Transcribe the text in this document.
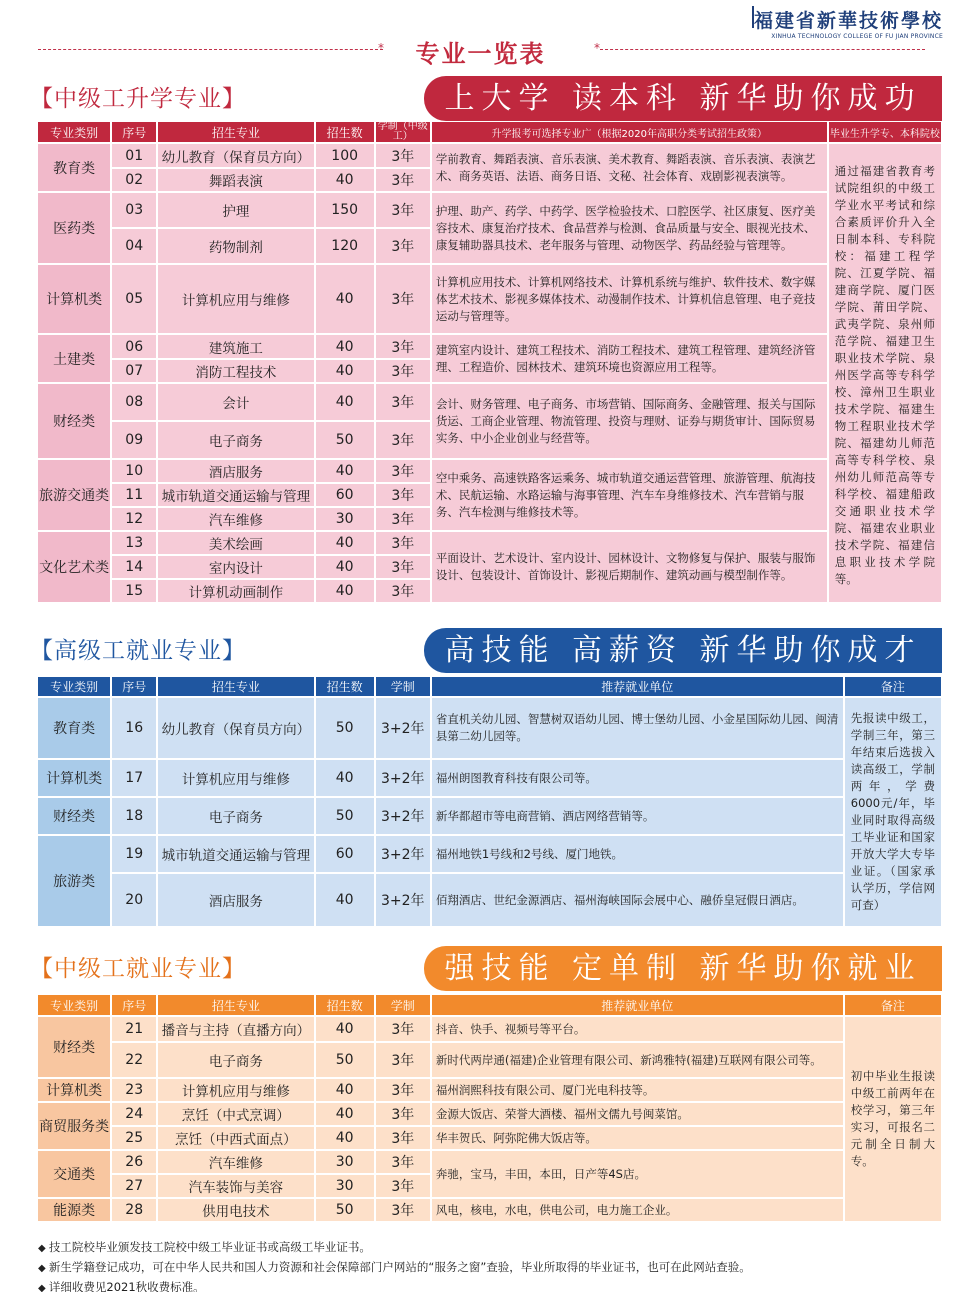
福建省新華技術學校
XINHUA TECHNOLOGY COLLEGE OF FU JIAN PROVINCE
*	*
专业一览表
【中级工升学专业】	上大学 读本科 新华助你成功
专业类别	序号	招生专业	招生数	学制（中级工）	升学报考可选择专业广（根据2020年高职分类考试招生政策）	毕业生升学专、本科院校
教育类	01	幼儿教育（保育员方向）	100	3年	学前教育、舞蹈表演、音乐表演、美术教育、舞蹈表演、音乐表演、表演艺术、商务英语、法语、商务日语、文秘、社会体育、戏剧影视表演等。	通过福建省教育考试院组织的中级工学业水平考试和综合素质评价升入全日制本科、专科院校：福建工程学院、江夏学院、福建商学院、厦门医学院、莆田学院、武夷学院、泉州师范学院、福建卫生职业技术学院、泉州医学高等专科学校、漳州卫生职业技术学院、福建生物工程职业技术学院、福建幼儿师范高等专科学校、泉州幼儿师范高等专科学校、福建船政交通职业技术学院、福建农业职业技术学院、福建信息职业技术学院等。
	02	舞蹈表演	40	3年		
医药类	03	护理	150	3年	护理、助产、药学、中药学、医学检验技术、口腔医学、社区康复、医疗美容技术、康复治疗技术、食品营养与检测、食品质量与安全、眼视光技术、康复辅助器具技术、老年服务与管理、动物医学、药品经验与管理等。	
	04	药物制剂	120	3年		
计算机类	05	计算机应用与维修	40	3年	计算机应用技术、计算机网络技术、计算机系统与维护、软件技术、数字媒体艺术技术、影视多媒体技术、动漫制作技术、计算机信息管理、电子竞技运动与管理等。	
土建类	06	建筑施工	40	3年	建筑室内设计、建筑工程技术、消防工程技术、建筑工程管理、建筑经济管理、工程造价、园林技术、建筑环境也资源应用工程等。	
	07	消防工程技术	40	3年		
财经类	08	会计	40	3年	会计、财务管理、电子商务、市场营销、国际商务、金融管理、报关与国际货运、工商企业管理、物流管理、投资与理财、证券与期货审计、国际贸易实务、中小企业创业与经营等。	
	09	电子商务	50	3年		
旅游交通类	10	酒店服务	40	3年	空中乘务、高速铁路客运乘务、城市轨道交通运营管理、旅游管理、航海技术、民航运输、水路运输与海事管理、汽车车身维修技术、汽车营销与服务、汽车检测与维修技术等。	
	11	城市轨道交通运输与管理	60	3年		
	12	汽车维修	30	3年		
文化艺术类	13	美术绘画	40	3年	平面设计、艺术设计、室内设计、园林设计、文物修复与保护、服装与服饰设计、包装设计、首饰设计、影视后期制作、建筑动画与模型制作等。	
	14	室内设计	40	3年		
	15	计算机动画制作	40	3年		
【高级工就业专业】	高技能 高薪资 新华助你成才
专业类别	序号	招生专业	招生数	学制	推荐就业单位	备注
教育类	16	幼儿教育（保育员方向）	50	3+2年	省直机关幼儿园、智慧树双语幼儿园、博士堡幼儿园、小金星国际幼儿园、闽清县第二幼儿园等。	先报读中级工，学制三年，第三年结束后选拔入读高级工，学制两年，学费6000元/年，毕业同时取得高级工毕业证和国家开放大学大专毕业证。（国家承认学历，学信网可查）
计算机类	17	计算机应用与维修	40	3+2年	福州朗图教育科技有限公司等。	
财经类	18	电子商务	50	3+2年	新华都超市等电商营销、酒店网络营销等。	
旅游类	19	城市轨道交通运输与管理	60	3+2年	福州地铁1号线和2号线、厦门地铁。	
	20	酒店服务	40	3+2年	佰翔酒店、世纪金源酒店、福州海峡国际会展中心、融侨皇冠假日酒店。	
【中级工就业专业】	强技能 定单制 新华助你就业
专业类别	序号	招生专业	招生数	学制	推荐就业单位	备注
财经类	21	播音与主持（直播方向）	40	3年	抖音、快手、视频号等平台。	初中毕业生报读中级工前两年在校学习，第三年实习，可报名二元制全日制大专。
	22	电子商务	50	3年	新时代两岸通(福建)企业管理有限公司、新鸿雅特(福建)互联网有限公司等。	
计算机类	23	计算机应用与维修	40	3年	福州润熙科技有限公司、厦门光电科技等。	
商贸服务类	24	烹饪（中式烹调）	40	3年	金源大饭店、荣誉大酒楼、福州文儒九号闽菜馆。	
	25	烹饪（中西式面点）	40	3年	华丰贺氏、阿弥陀佛大饭店等。	
交通类	26	汽车维修	30	3年	奔驰，宝马，丰田，本田，日产等4S店。	
	27	汽车装饰与美容	30	3年		
能源类	28	供用电技术	50	3年	风电，核电，水电，供电公司，电力施工企业。	
◆ 技工院校毕业颁发技工院校中级工毕业证书或高级工毕业证书。
◆ 新生学籍登记成功，可在中华人民共和国人力资源和社会保障部门户网站的“服务之窗”查验，毕业所取得的毕业证书，也可在此网站查验。
◆ 详细收费见2021秋收费标准。
